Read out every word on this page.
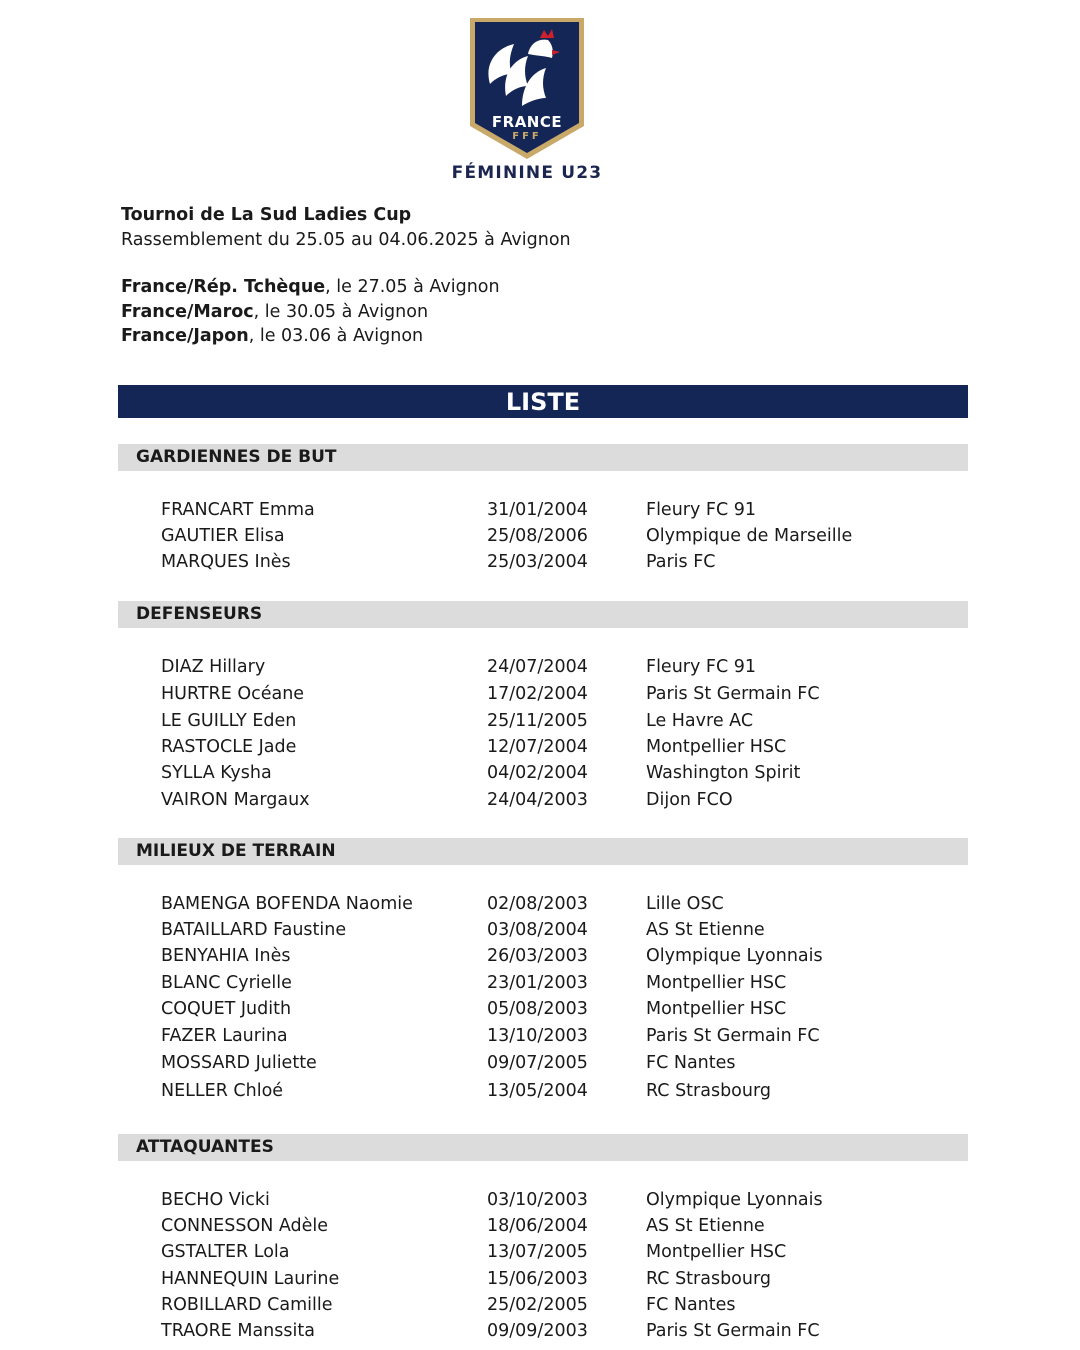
FRANCE
FFF
FÉMININE U23
Tournoi de La Sud Ladies Cup
Rassemblement du 25.05 au 04.06.2025 à Avignon
France/Rép. Tchèque, le 27.05 à Avignon
France/Maroc, le 30.05 à Avignon
France/Japon, le 03.06 à Avignon
LISTE
GARDIENNES DE BUT
FRANCART Emma	31/01/2004	Fleury FC 91
GAUTIER Elisa	25/08/2006	Olympique de Marseille
MARQUES Inès	25/03/2004	Paris FC
DEFENSEURS
DIAZ Hillary	24/07/2004	Fleury FC 91
HURTRE Océane	17/02/2004	Paris St Germain FC
LE GUILLY Eden	25/11/2005	Le Havre AC
RASTOCLE Jade	12/07/2004	Montpellier HSC
SYLLA Kysha	04/02/2004	Washington Spirit
VAIRON Margaux	24/04/2003	Dijon FCO
MILIEUX DE TERRAIN
BAMENGA BOFENDA Naomie	02/08/2003	Lille OSC
BATAILLARD Faustine	03/08/2004	AS St Etienne
BENYAHIA Inès	26/03/2003	Olympique Lyonnais
BLANC Cyrielle	23/01/2003	Montpellier HSC
COQUET Judith	05/08/2003	Montpellier HSC
FAZER Laurina	13/10/2003	Paris St Germain FC
MOSSARD Juliette	09/07/2005	FC Nantes
NELLER Chloé	13/05/2004	RC Strasbourg
ATTAQUANTES
BECHO Vicki	03/10/2003	Olympique Lyonnais
CONNESSON Adèle	18/06/2004	AS St Etienne
GSTALTER Lola	13/07/2005	Montpellier HSC
HANNEQUIN Laurine	15/06/2003	RC Strasbourg
ROBILLARD Camille	25/02/2005	FC Nantes
TRAORE Manssita	09/09/2003	Paris St Germain FC
